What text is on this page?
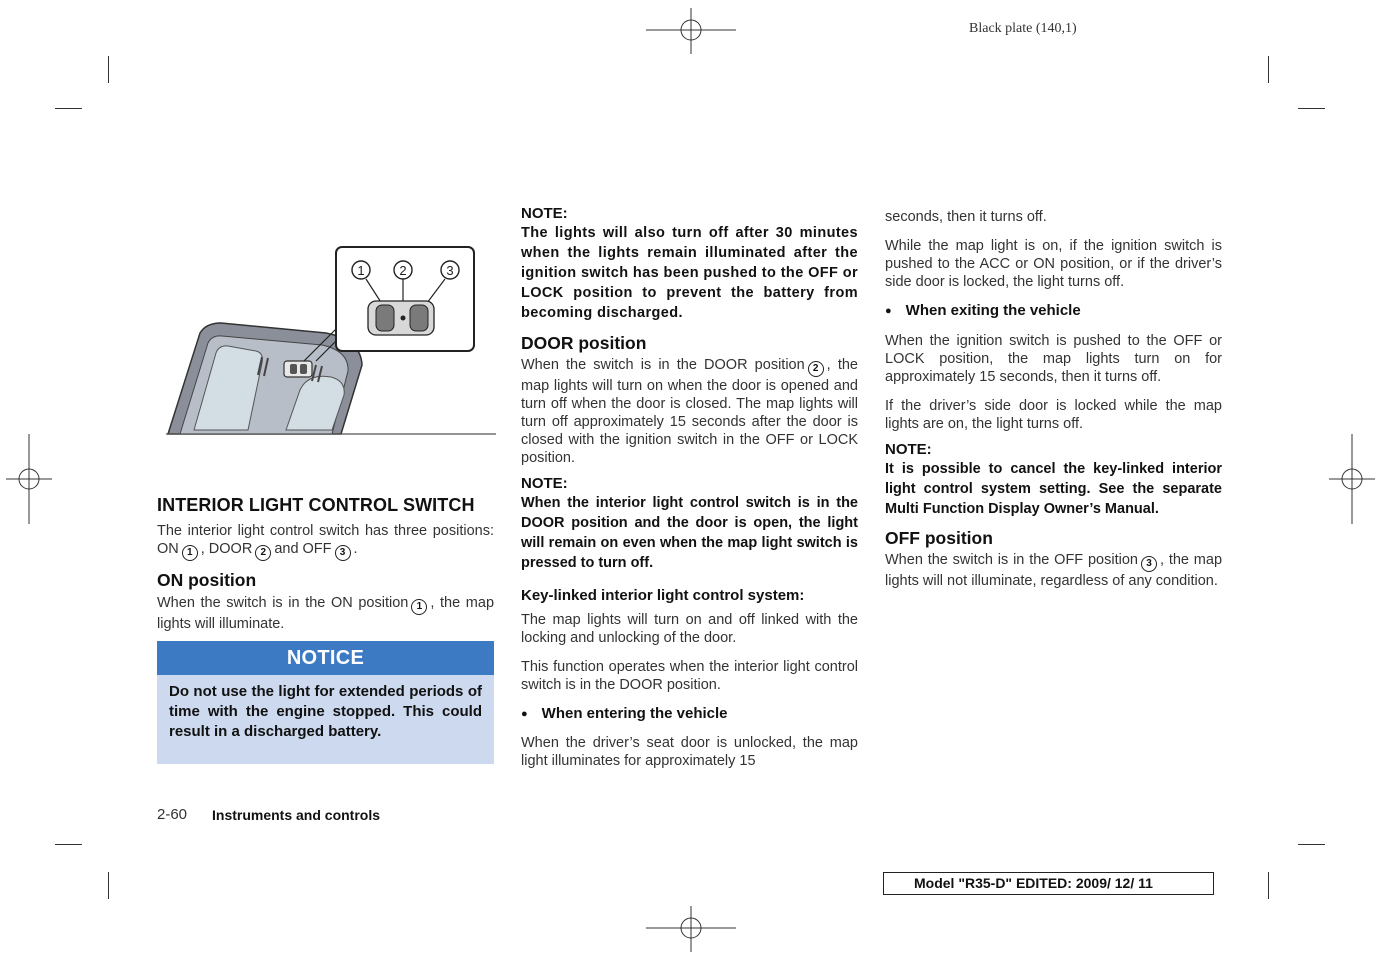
Black plate (140,1)
1	2	3
INTERIOR LIGHT CONTROL SWITCH

The interior light control switch has three positions: ON 1 , DOOR 2 and OFF 3 .

ON position

When the switch is in the ON position 1 , the map lights will illuminate.

NOTICE
Do not use the light for extended periods of time with the engine stopped. This could result in a discharged battery.
NOTE:
The lights will also turn off after 30 minutes when the lights remain illuminated after the ignition switch has been pushed to the OFF or LOCK position to prevent the battery from becoming discharged.
DOOR position

When the switch is in the DOOR position 2 , the map lights will turn on when the door is opened and turn off when the door is closed. The map lights will turn off approximately 15 seconds after the door is closed with the ignition switch in the OFF or LOCK position.

NOTE:
When the interior light control switch is in the DOOR position and the door is open, the light will remain on even when the map light switch is pressed to turn off.
Key-linked interior light control system:

The map lights will turn on and off linked with the locking and unlocking of the door.

This function operates when the interior light control switch is in the DOOR position.

● When entering the vehicle

When the driver’s seat door is unlocked, the map light illuminates for approximately 15

seconds, then it turns off.

While the map light is on, if the ignition switch is pushed to the ACC or ON position, or if the driver’s side door is locked, the light turns off.

● When exiting the vehicle

When the ignition switch is pushed to the OFF or LOCK position, the map lights turn on for approximately 15 seconds, then it turns off.

If the driver’s side door is locked while the map lights are on, the light turns off.

NOTE:
It is possible to cancel the key-linked interior light control system setting. See the separate Multi Function Display Owner’s Manual.
OFF position

When the switch is in the OFF position 3 , the map lights will not illuminate, regardless of any condition.

2-60 Instruments and controls
Model "R35-D" EDITED: 2009/ 12/ 11
